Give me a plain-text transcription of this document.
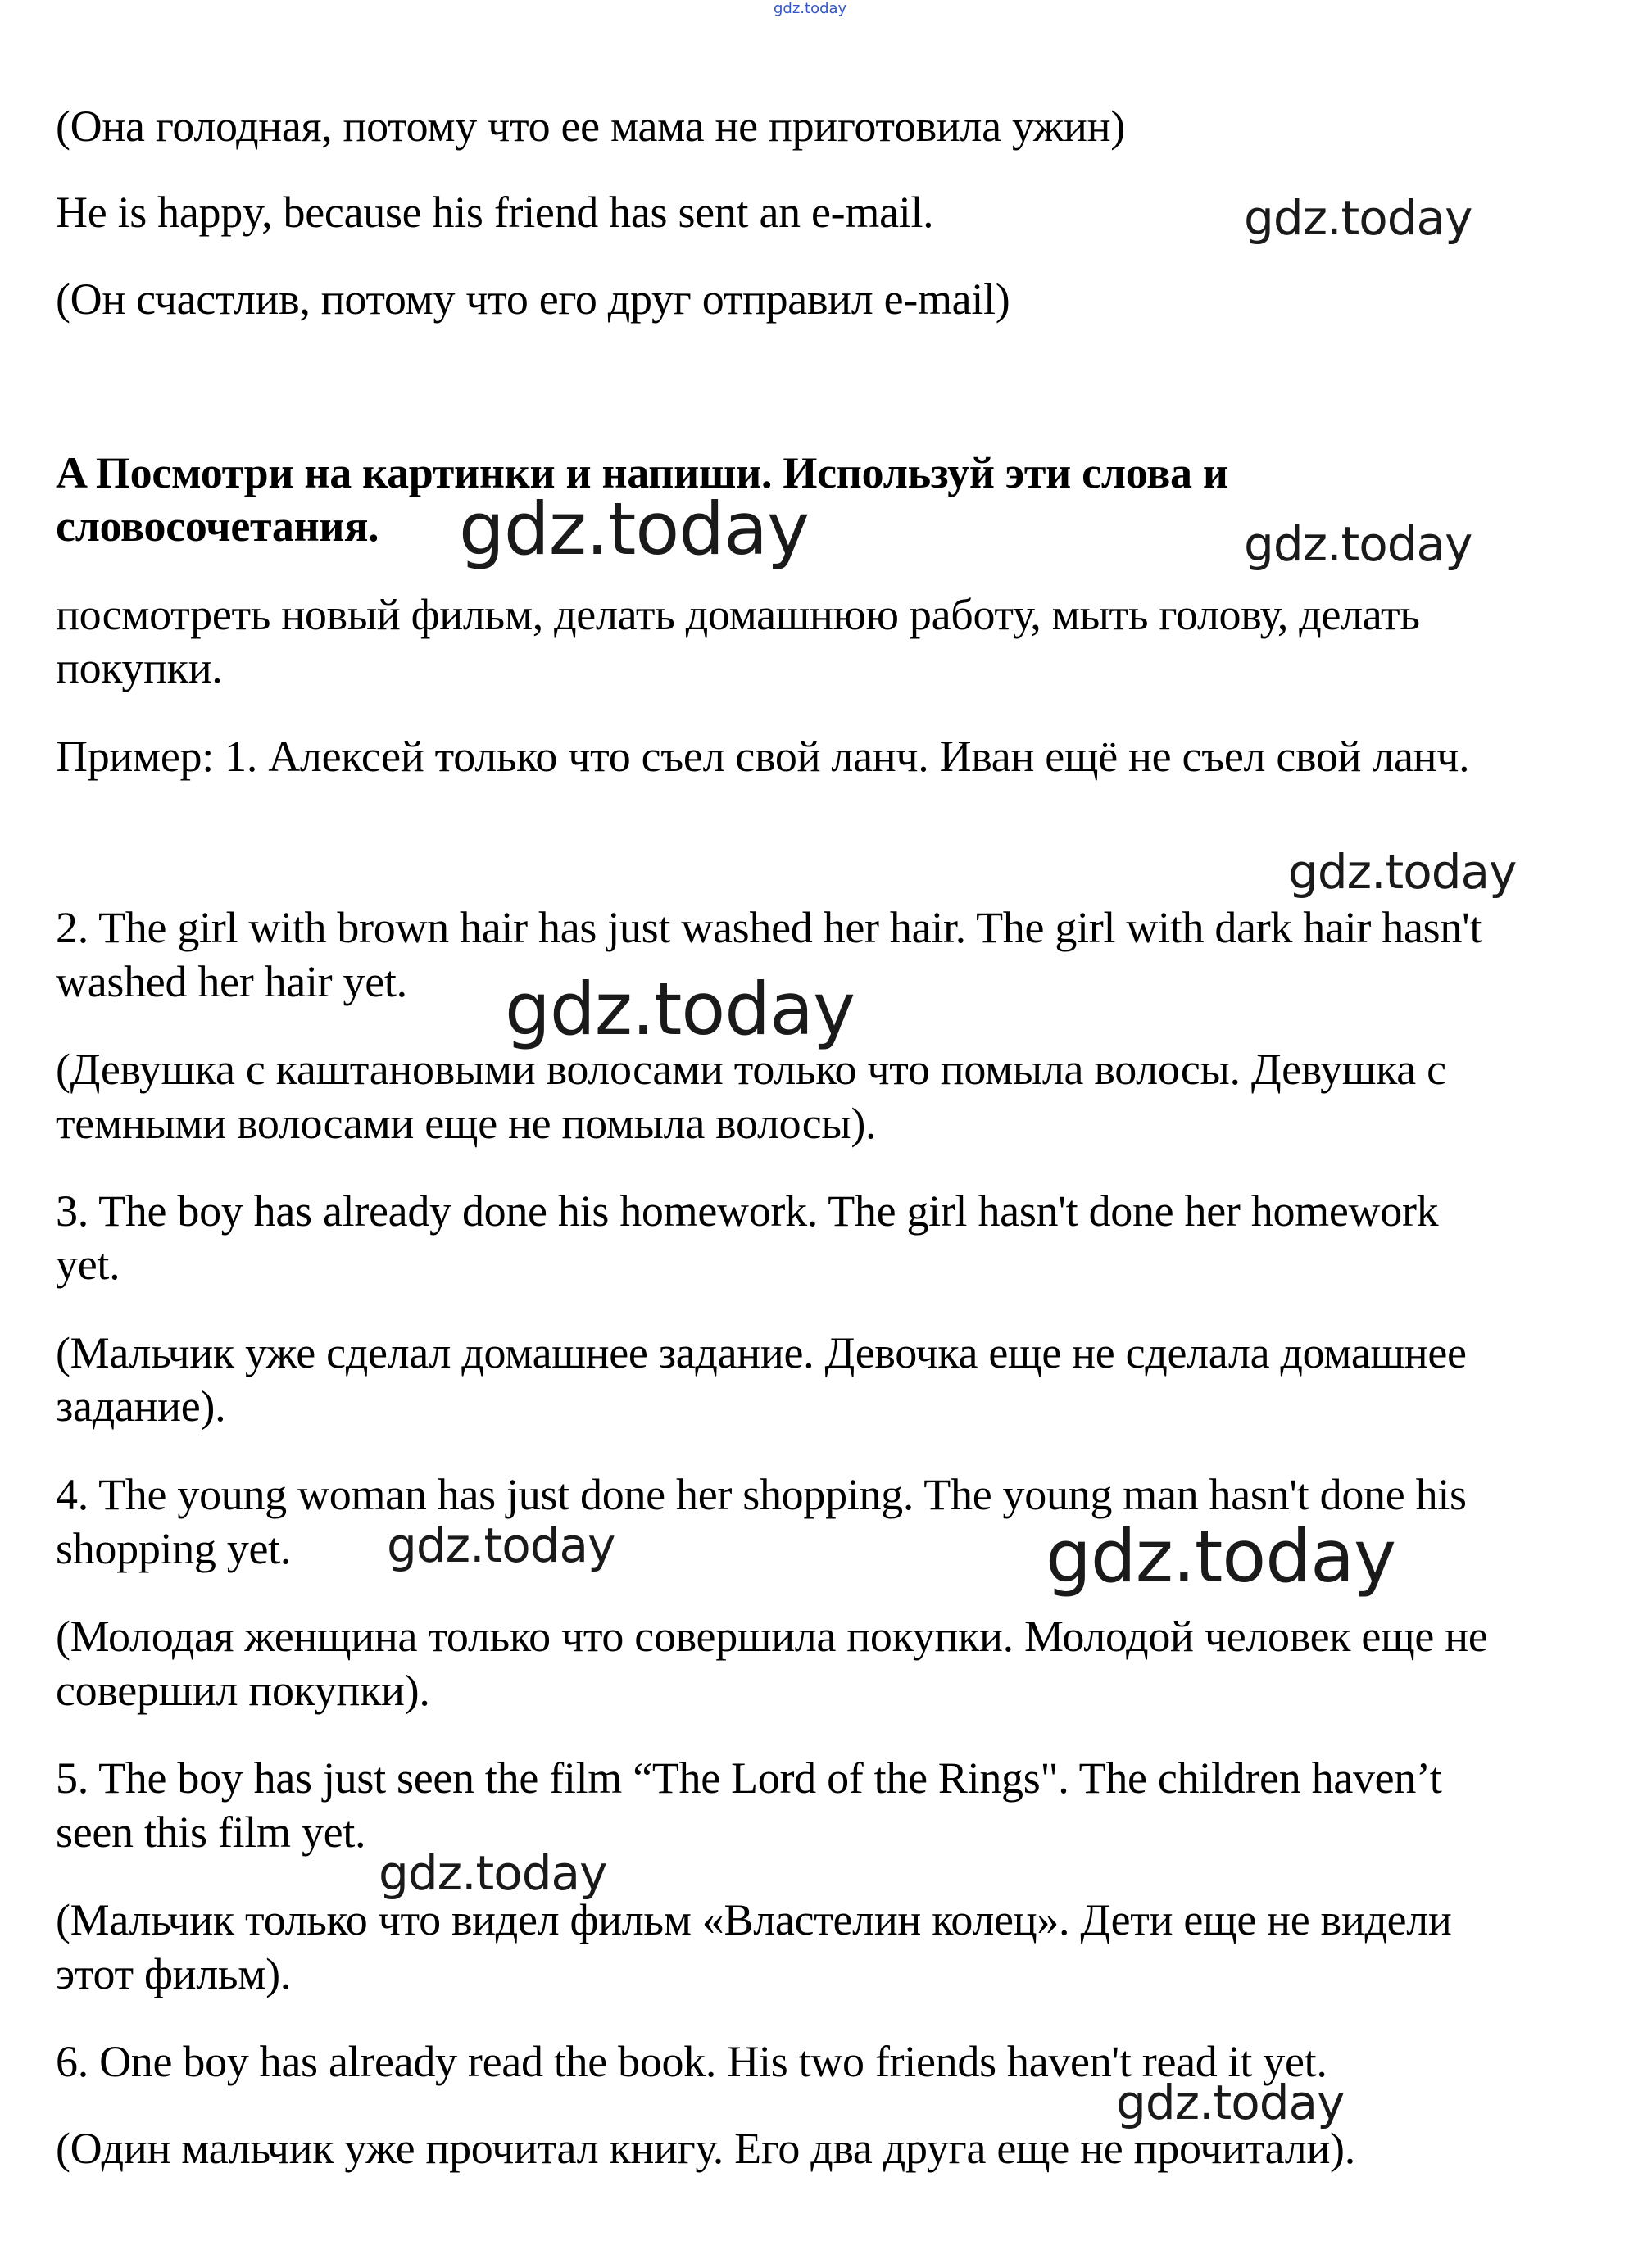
gdz.today
(Она голодная, потому что ее мама не приготовила ужин)
He is happy, because his friend has sent an e-mail.	gdz.today
(Он счастлив, потому что его друг отправил e-mail)
A Посмотри на картинки и напиши. Используй эти слова и
словосочетания. gdz.today	gdz.today
посмотреть новый фильм, делать домашнюю работу, мыть голову, делать
покупки.
Пример: 1. Алексей только что съел свой ланч. Иван ещё не съел свой ланч.
gdz.today
2. The girl with brown hair has just washed her hair. The girl with dark hair hasn't
washed her hair yet. gdz.today
(Девушка с каштановыми волосами только что помыла волосы. Девушка с
темными волосами еще не помыла волосы).
3. The boy has already done his homework. The girl hasn't done her homework
yet.
(Мальчик уже сделал домашнее задание. Девочка еще не сделала домашнее
задание).
4. The young woman has just done her shopping. The young man hasn't done his
shopping yet. gdz.today	gdz.today
(Молодая женщина только что совершила покупки. Молодой человек еще не
совершил покупки).
5. The boy has just seen the film “The Lord of the Rings". The children haven’t
seen this film yet.
gdz.today
(Мальчик только что видел фильм «Властелин колец». Дети еще не видели
этот фильм).
6. One boy has already read the book. His two friends haven't read it yet.
gdz.today
(Один мальчик уже прочитал книгу. Его два друга еще не прочитали).
